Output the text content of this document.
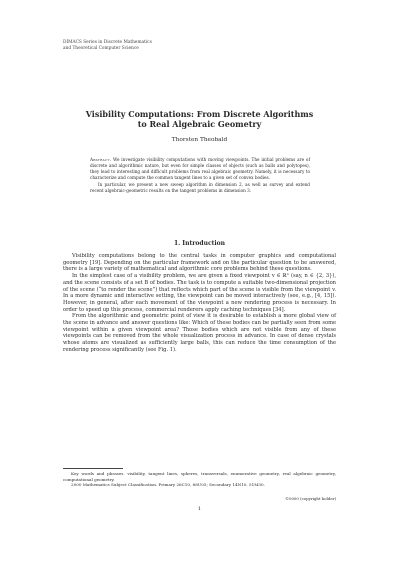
DIMACS Series in Discrete Mathematics
and Theoretical Computer Science
Visibility Computations: From Discrete Algorithms
to Real Algebraic Geometry
Thorsten Theobald

Abstract. We investigate visibility computations with moving viewpoints. The initial problems are of discrete and algorithmic nature, but even for simple classes of objects (such as balls and polytopes), they lead to interesting and difficult problems from real algebraic geometry. Namely, it is necessary to characterize and compute the common tangent lines to a given set of convex bodies.

In particular, we present a new sweep algorithm in dimension 2, as well as survey and extend recent algebraic-geometric results on the tangent problems in dimension 3.

1. Introduction

Visibility computations belong to the central tasks in computer graphics and computational geometry [19]. Depending on the particular framework and on the particular question to be answered, there is a large variety of mathematical and algorithmic core problems behind these questions.

In the simplest case of a visibility problem, we are given a fixed viewpoint v ∈ ℝⁿ (say, n ∈ {2, 3}), and the scene consists of a set B of bodies. The task is to compute a suitable two-dimensional projection of the scene (“to render the scene”) that reflects which part of the scene is visible from the viewpoint v. In a more dynamic and interactive setting, the viewpoint can be moved interactively (see, e.g., [4, 15]). However, in general, after each movement of the viewpoint a new rendering process is necessary. In order to speed up this process, commercial renderers apply caching techniques [34].

From the algorithmic and geometric point of view it is desirable to establish a more global view of the scene in advance and answer questions like: Which of these bodies can be partially seen from some viewpoint within a given viewpoint area? Those bodies which are not visible from any of these viewpoints can be removed from the whole visualization process in advance. In case of dense crystals whose atoms are visualized as sufficiently large balls, this can reduce the time consumption of the rendering process significantly (see Fig. 1).

Key words and phrases. visibility, tangent lines, spheres, transversals, enumerative geometry, real algebraic geometry, computational geometry.

2000 Mathematics Subject Classification. Primary 26C10, 68U05; Secondary 14N10, 51M30.

©0000 (copyright holder)
1
